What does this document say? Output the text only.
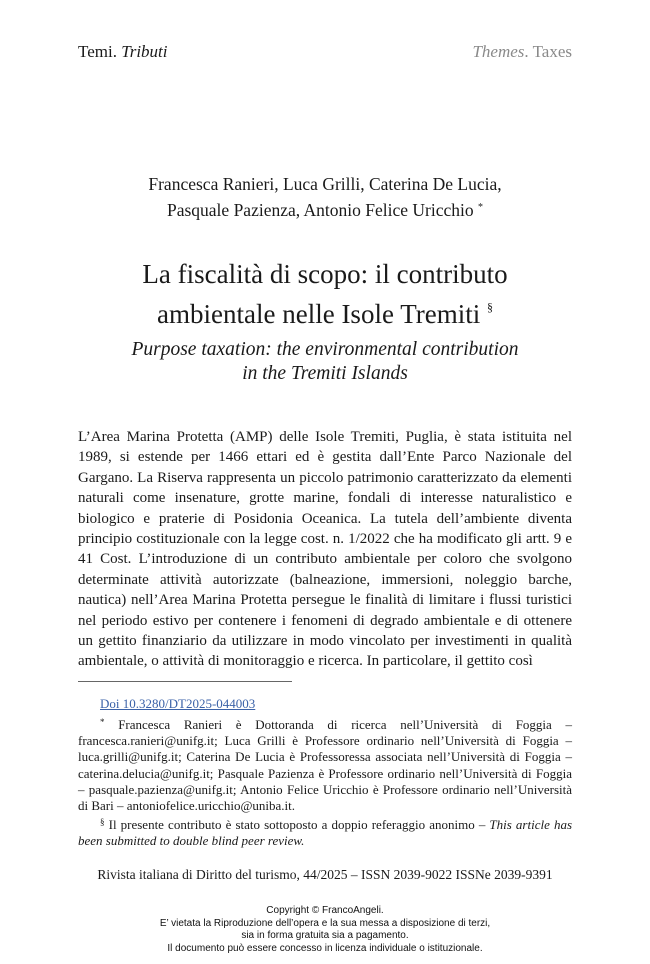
Temi. Tributi	Themes. Taxes
Francesca Ranieri, Luca Grilli, Caterina De Lucia,
Pasquale Pazienza, Antonio Felice Uricchio *
La fiscalità di scopo: il contributo
ambientale nelle Isole Tremiti §
Purpose taxation: the environmental contribution
in the Tremiti Islands
L’Area Marina Protetta (AMP) delle Isole Tremiti, Puglia, è stata istituita nel 1989, si estende per 1466 ettari ed è gestita dall’Ente Parco Nazionale del Gargano. La Riserva rappresenta un piccolo patrimonio caratterizzato da elementi naturali come insenature, grotte marine, fondali di interesse naturalistico e biologico e praterie di Posidonia Oceanica. La tutela dell’ambiente diventa principio costituzionale con la legge cost. n. 1/2022 che ha modificato gli artt. 9 e 41 Cost. L’introduzione di un contributo ambientale per coloro che svolgono determinate attività autorizzate (balneazione, immersioni, noleggio barche, nautica) nell’Area Marina Protetta persegue le finalità di limitare i flussi turistici nel periodo estivo per contenere i fenomeni di degrado ambientale e di ottenere un gettito finanziario da utilizzare in modo vincolato per investimenti in qualità ambientale, o attività di monitoraggio e ricerca. In particolare, il gettito così
Doi 10.3280/DT2025-044003
* Francesca Ranieri è Dottoranda di ricerca nell’Università di Foggia – francesca.ranieri@unifg.it; Luca Grilli è Professore ordinario nell’Università di Foggia – luca.grilli@unifg.it; Caterina De Lucia è Professoressa associata nell’Università di Foggia – caterina.delucia@unifg.it; Pasquale Pazienza è Professore ordinario nell’Università di Foggia – pasquale.pazienza@unifg.it; Antonio Felice Uricchio è Professore ordinario nell’Università di Bari – antoniofelice.uricchio@uniba.it.
§ Il presente contributo è stato sottoposto a doppio referaggio anonimo – This article has been submitted to double blind peer review.
Rivista italiana di Diritto del turismo, 44/2025 – ISSN 2039-9022 ISSNe 2039-9391
Copyright © FrancoAngeli.
E’ vietata la Riproduzione dell’opera e la sua messa a disposizione di terzi,
sia in forma gratuita sia a pagamento.
Il documento può essere concesso in licenza individuale o istituzionale.
